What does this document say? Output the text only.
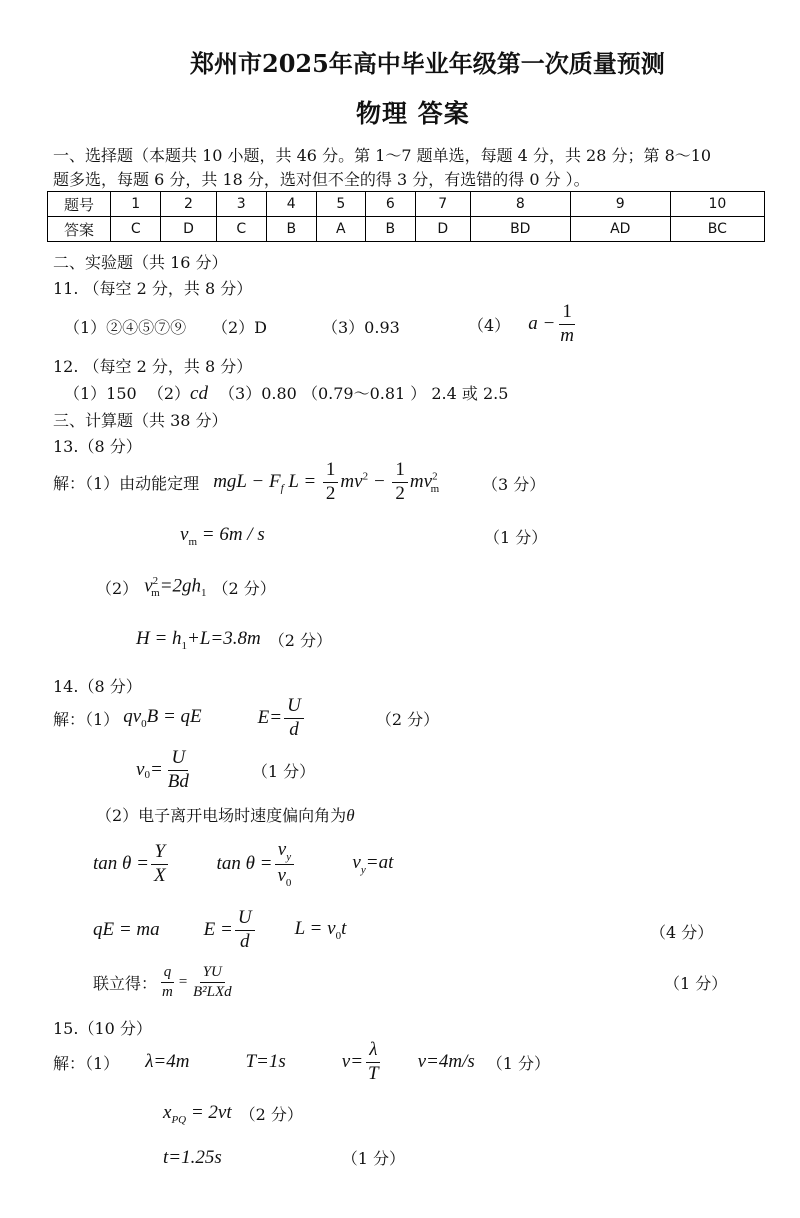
郑州市2025年高中毕业年级第一次质量预测
物理 答案
一、选择题（本题共 10 小题，共 46 分。第 1～7 题单选，每题 4 分，共 28 分；第 8～10
题多选，每题 6 分，共 18 分，选对但不全的得 3 分，有选错的得 0 分 ）。
题号	1	2	3	4	5	6	7	8	9	10
答案	C	D	C	B	A	B	D	BD	AD	BC
二、实验题（共 16 分）
11. （每空 2 分，共 8 分）
（1）②④⑤⑦⑨ （2）D	（3）0.93	（4） $a - \frac{1}{m}$
12. （每空 2 分，共 8 分）
（1）150 （2）cd （3）0.80 （0.79～0.81 ） 2.4 或 2.5
三、计算题（共 38 分）
13.（8 分）
解：（1）由动能定理 mgL − $F_f$ $L = \frac{1}{2} mv^2 - \frac{1}{2} mv^2_m$	（3 分）
$v_m = 6m / s$	（1 分）
（2） $v^2_m=2gh_1$ （2 分）
$H = h_1+L=3.8m$ （2 分）
14.（8 分）
解：（1） $qv_0B$ = qE	$E= \frac{U}{d}$	（2 分）
$v_0 = \frac{U}{Bd}$	（1 分）
（2）电子离开电场时速度偏向角为θ
$\tan \theta = \frac{Y}{X}$	$\tan \theta = \frac{v_y}{v_0}$	$v_y=at$
qE = ma $E = \frac{U}{d}$ $L = v_0t$	（4 分）
联立得： $\frac{q}{m} = \frac{YU}{\text{B²LXd}}$	（1 分）
15.（10 分）
解：（1） λ=4m	T=1s	$v= \frac{\lambda}{T} v=4m/s$ （1 分）
$x_{PQ} = 2vt$ （2 分）
t=1.25s	（1 分）
